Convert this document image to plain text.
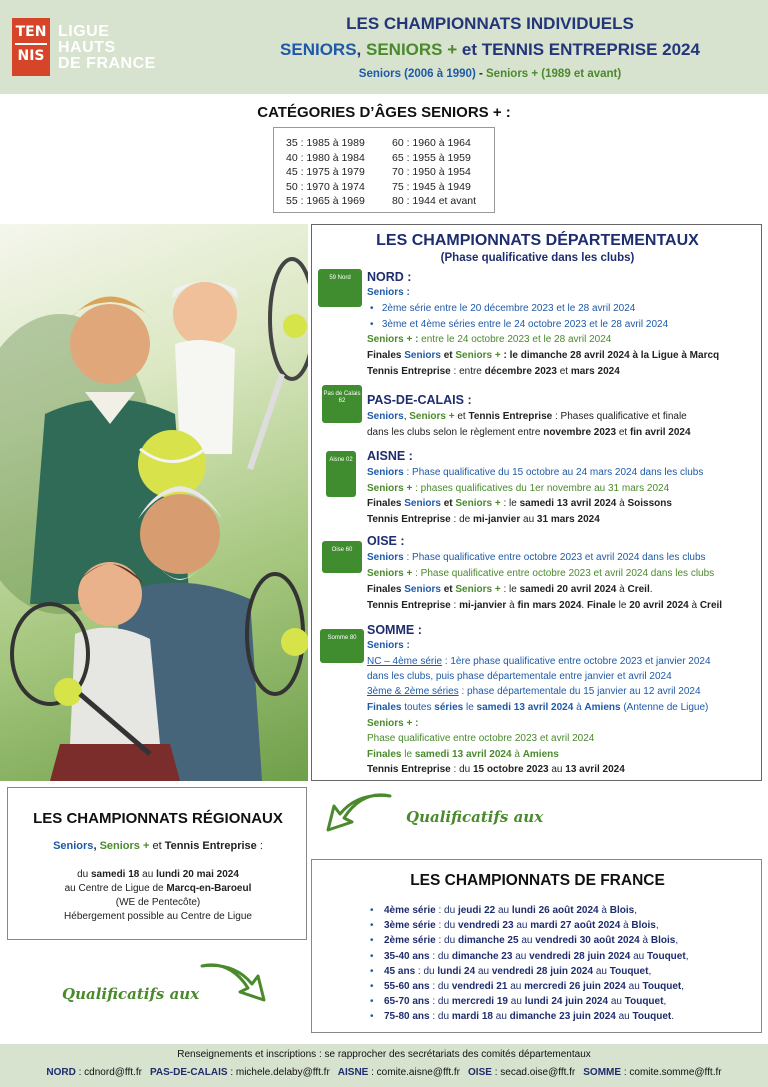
TEN
NIS
LIGUE
HAUTS
DE FRANCE
LES CHAMPIONNATS INDIVIDUELS
SENIORS, SENIORS + et TENNIS ENTREPRISE 2024
Seniors (2006 à 1990) - Seniors + (1989 et avant)
CATÉGORIES D’ÂGES SENIORS + :
35 : 1985 à 1989
40 : 1980 à 1984
45 : 1975 à 1979
50 : 1970 à 1974
55 : 1965 à 1969
60 : 1960 à 1964
65 : 1955 à 1959
70 : 1950 à 1954
75 : 1945 à 1949
80 : 1944 et avant
LES CHAMPIONNATS DÉPARTEMENTAUX
(Phase qualificative dans les clubs)
59 Nord	NORD :
Seniors :
•   2ème série entre le 20 décembre 2023 et le 28 avril 2024
•   3ème et 4ème séries entre le 24 octobre 2023 et le 28 avril 2024
Seniors + : entre le 24 octobre 2023 et le 28 avril 2024
Finales Seniors et Seniors + : le dimanche 28 avril 2024 à la Ligue à Marcq
Tennis Entreprise : entre décembre 2023 et mars 2024
Pas de Calais 62	PAS-DE-CALAIS :
Seniors, Seniors + et Tennis Entreprise : Phases qualificative et finale
dans les clubs selon le règlement entre novembre 2023 et fin avril 2024
Aisne 02 AISNE :
Seniors : Phase qualificative du 15 octobre au 24 mars 2024 dans les clubs
Seniors + : phases qualificatives du 1er novembre au 31 mars 2024
Finales Seniors et Seniors + : le samedi 13 avril 2024 à Soissons
Tennis Entreprise : de mi-janvier au 31 mars 2024
Oise 60
OISE :
Seniors : Phase qualificative entre octobre 2023 et avril 2024 dans les clubs
Seniors + : Phase qualificative entre octobre 2023 et avril 2024 dans les clubs
Finales Seniors et Seniors + : le samedi 20 avril 2024 à Creil.
Tennis Entreprise : mi-janvier à fin mars 2024. Finale le 20 avril 2024 à Creil
Somme 80
SOMME :
Seniors :
NC – 4ème série : 1ère phase qualificative entre octobre 2023 et janvier 2024
dans les clubs, puis phase départementale entre janvier et avril 2024
3ème & 2ème séries : phase départementale du 15 janvier au 12 avril 2024
Finales toutes séries le samedi 13 avril 2024 à Amiens (Antenne de Ligue)
Seniors + :
Phase qualificative entre octobre 2023 et avril 2024
Finales le samedi 13 avril 2024 à Amiens
Tennis Entreprise : du 15 octobre 2023 au 13 avril 2024
LES CHAMPIONNATS RÉGIONAUX
Seniors, Seniors + et Tennis Entreprise :
du samedi 18 au lundi 20 mai 2024
au Centre de Ligue de Marcq-en-Baroeul
(WE de Pentecôte)
Hébergement possible au Centre de Ligue
Qualificatifs aux
Qualificatifs aux
LES CHAMPIONNATS DE FRANCE
• 4ème série : du jeudi 22 au lundi 26 août 2024 à Blois,
• 3ème série : du vendredi 23 au mardi 27 août 2024 à Blois,
• 2ème série : du dimanche 25 au vendredi 30 août 2024 à Blois,
• 35-40 ans : du dimanche 23 au vendredi 28 juin 2024 au Touquet,
• 45 ans : du lundi 24 au vendredi 28 juin 2024 au Touquet,
• 55-60 ans : du vendredi 21 au mercredi 26 juin 2024 au Touquet,
• 65-70 ans : du mercredi 19 au lundi 24 juin 2024 au Touquet,
• 75-80 ans : du mardi 18 au dimanche 23 juin 2024 au Touquet.
Renseignements et inscriptions : se rapprocher des secrétariats des comités départementaux
NORD : cdnord@fft.fr PAS-DE-CALAIS : michele.delaby@fft.fr AISNE : comite.aisne@fft.fr OISE : secad.oise@fft.fr SOMME : comite.somme@fft.fr
